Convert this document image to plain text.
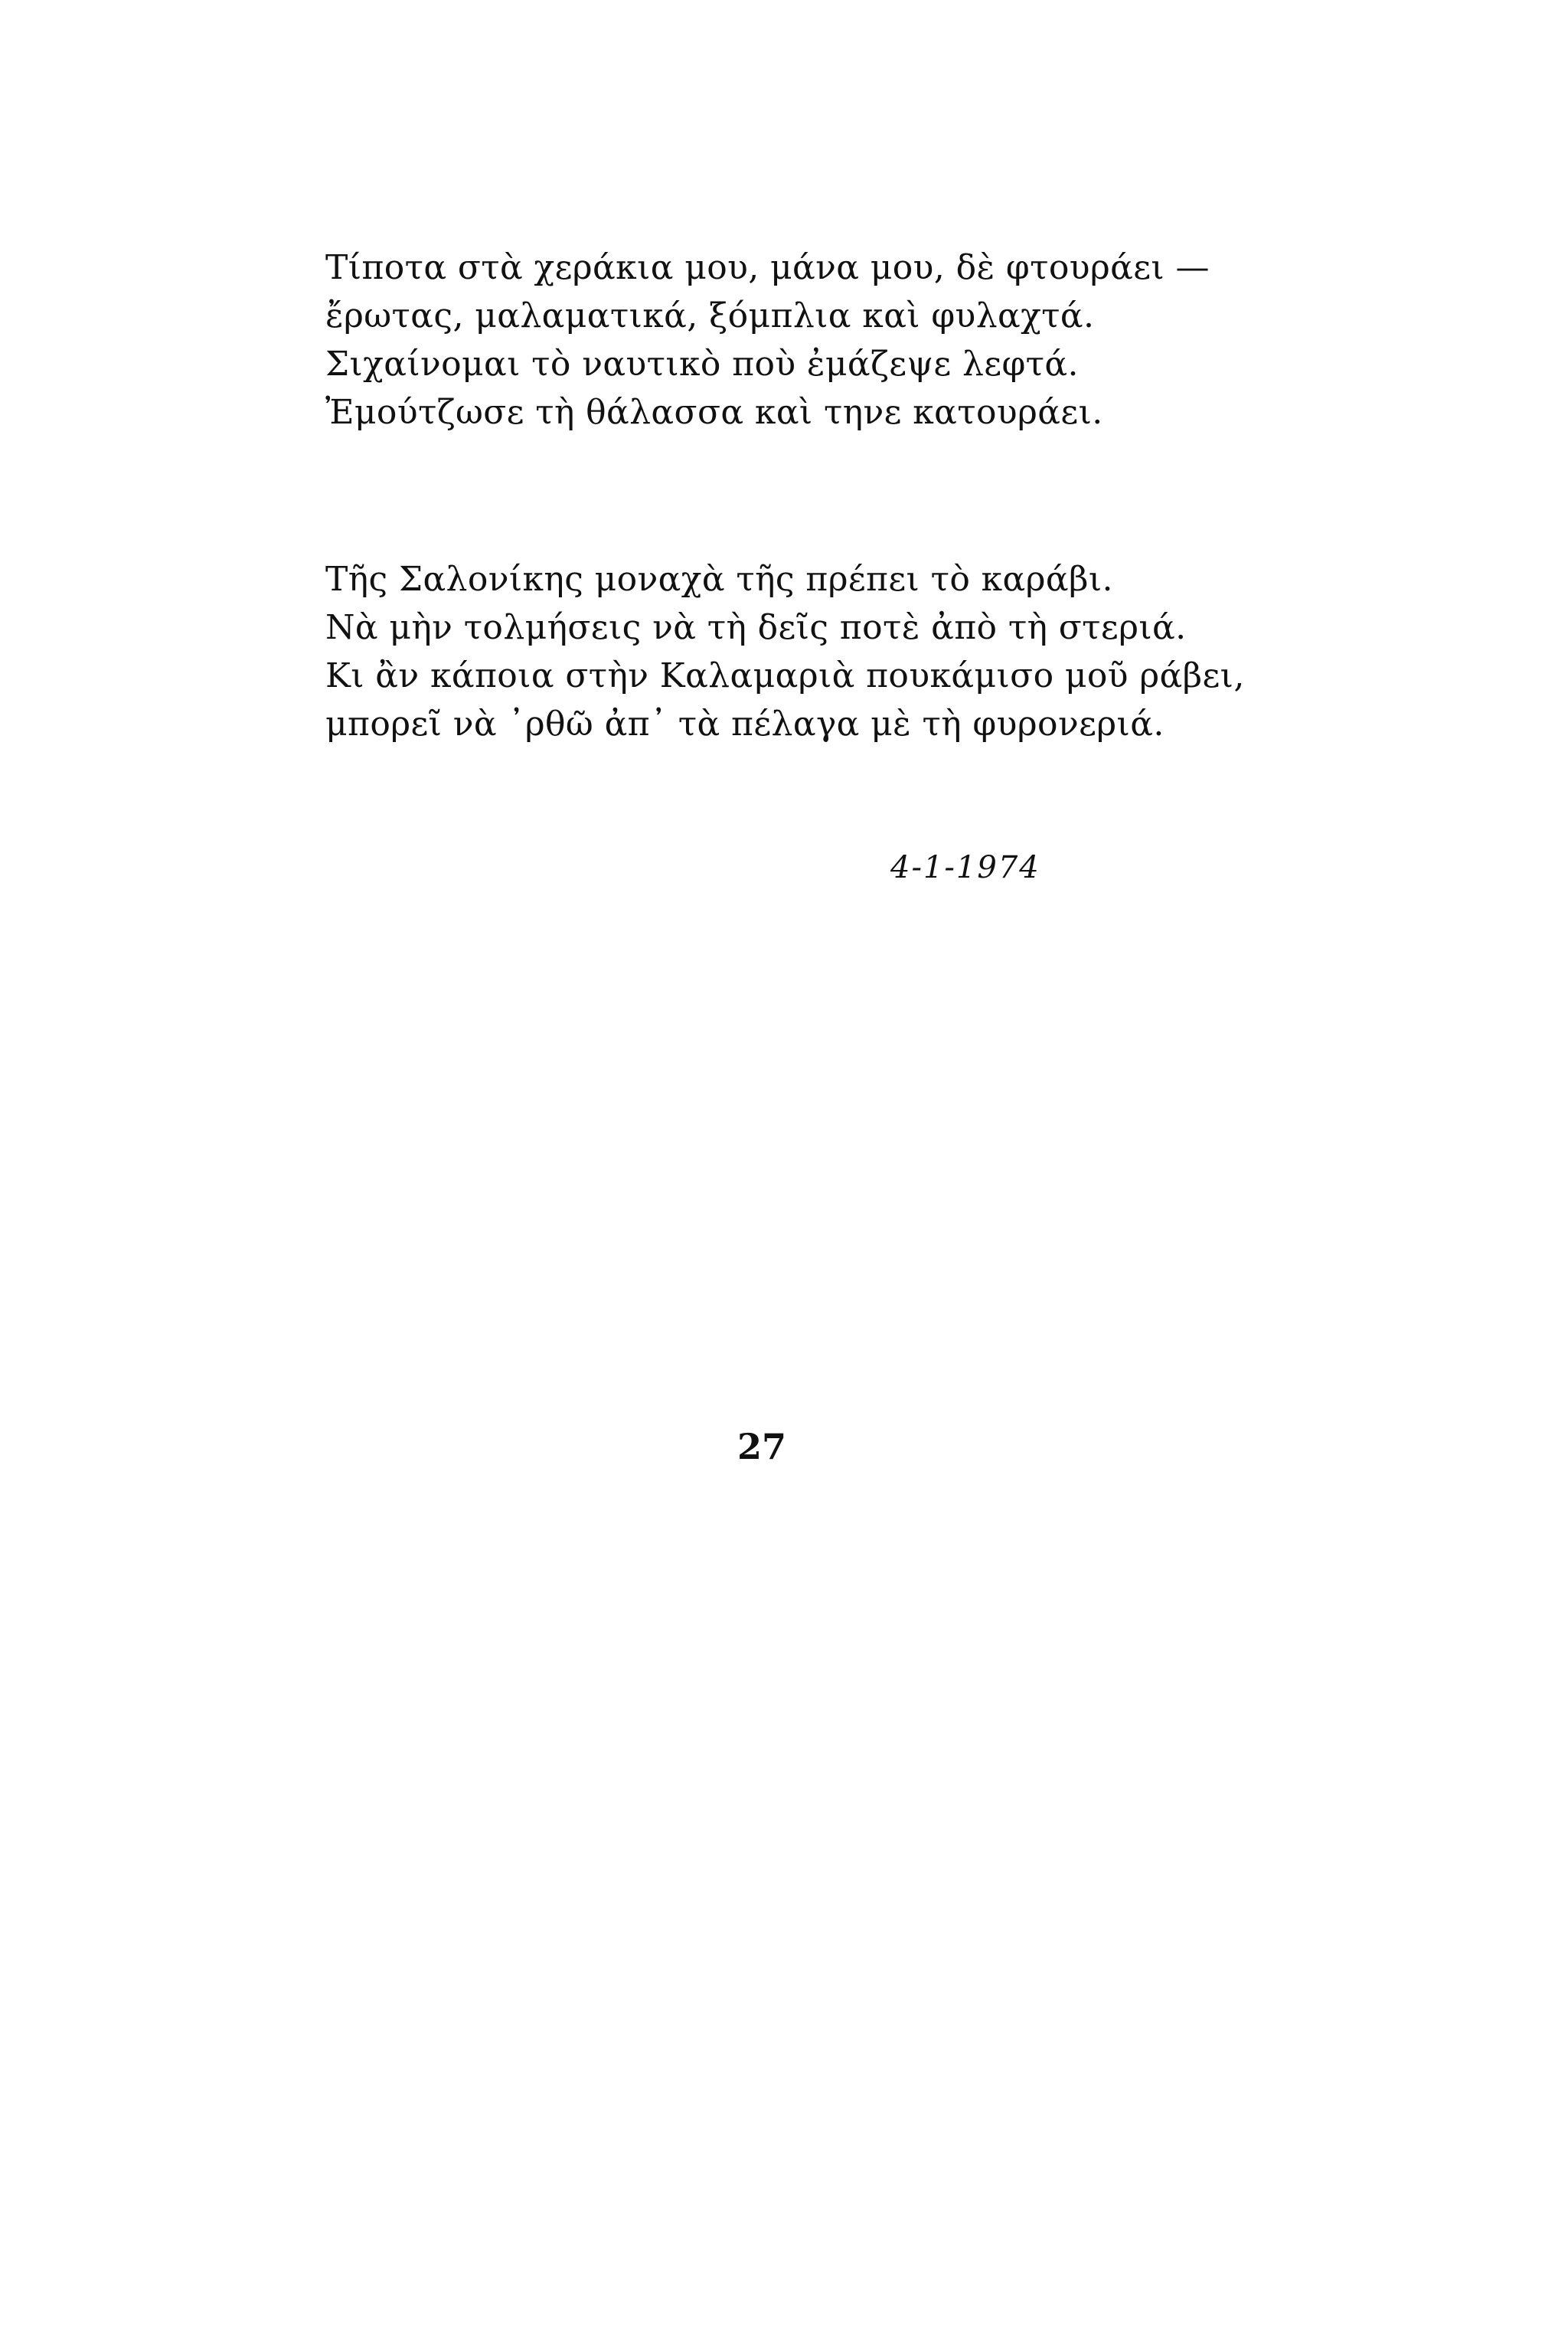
Τίποτα στὰ χεράκια μου, μάνα μου, δὲ φτουράει —
ἔρωτας, μαλαματικά, ξόμπλια καὶ φυλαχτά.
Σιχαίνομαι τὸ ναυτικὸ ποὺ ἐμάζεψε λεφτά.
Ἐμούτζωσε τὴ θάλασσα καὶ τηνε κατουράει.
Τῆς Σαλονίκης μοναχὰ τῆς πρέπει τὸ καράβι.
Νὰ μὴν τολμήσεις νὰ τὴ δεῖς ποτὲ ἀπὸ τὴ στεριά.
Κι ἂν κάποια στὴν Καλαμαριὰ πουκάμισο μοῦ ράβει,
μπορεῖ νὰ ᾽ρθῶ ἀπ᾽ τὰ πέλαγα μὲ τὴ φυρονεριά.
4-1-1974
27
